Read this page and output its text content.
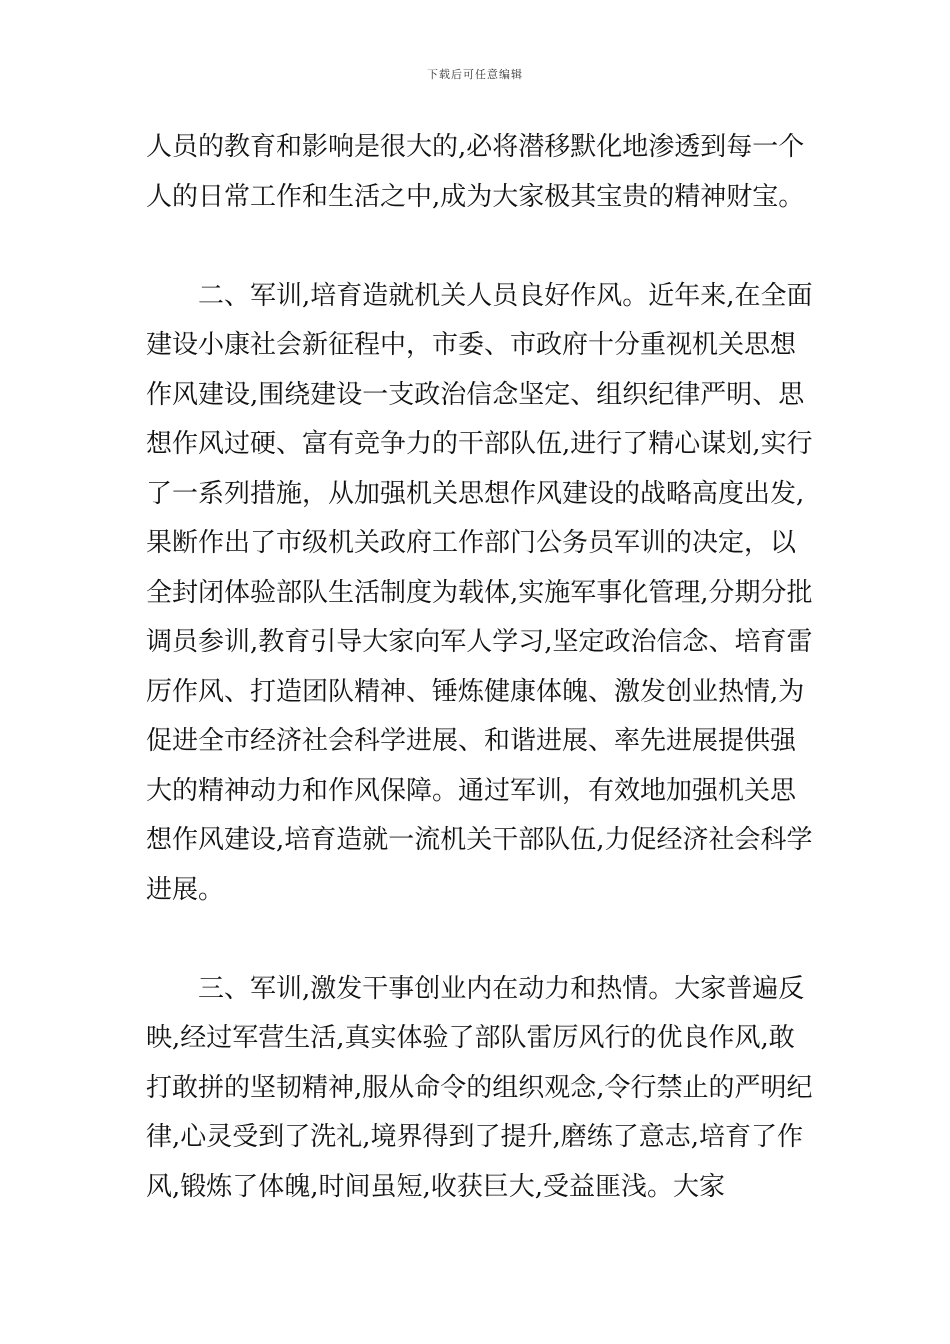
下载后可任意编辑

人员的教育和影响是很大的,必将潜移默化地渗透到每一个人的日常工作和生活之中,成为大家极其宝贵的精神财宝。

二、军训,培育造就机关人员良好作风。近年来,在全面建设小康社会新征程中，市委、市政府十分重视机关思想作风建设,围绕建设一支政治信念坚定、组织纪律严明、思想作风过硬、富有竞争力的干部队伍,进行了精心谋划,实行了一系列措施，从加强机关思想作风建设的战略高度出发,果断作出了市级机关政府工作部门公务员军训的决定，以全封闭体验部队生活制度为载体,实施军事化管理,分期分批调员参训,教育引导大家向军人学习,坚定政治信念、培育雷厉作风、打造团队精神、锤炼健康体魄、激发创业热情,为促进全市经济社会科学进展、和谐进展、率先进展提供强大的精神动力和作风保障。通过军训，有效地加强机关思想作风建设,培育造就一流机关干部队伍,力促经济社会科学进展。

三、军训,激发干事创业内在动力和热情。大家普遍反映,经过军营生活,真实体验了部队雷厉风行的优良作风,敢打敢拼的坚韧精神,服从命令的组织观念,令行禁止的严明纪律,心灵受到了洗礼,境界得到了提升,磨练了意志,培育了作风,锻炼了体魄,时间虽短,收获巨大,受益匪浅。大家
